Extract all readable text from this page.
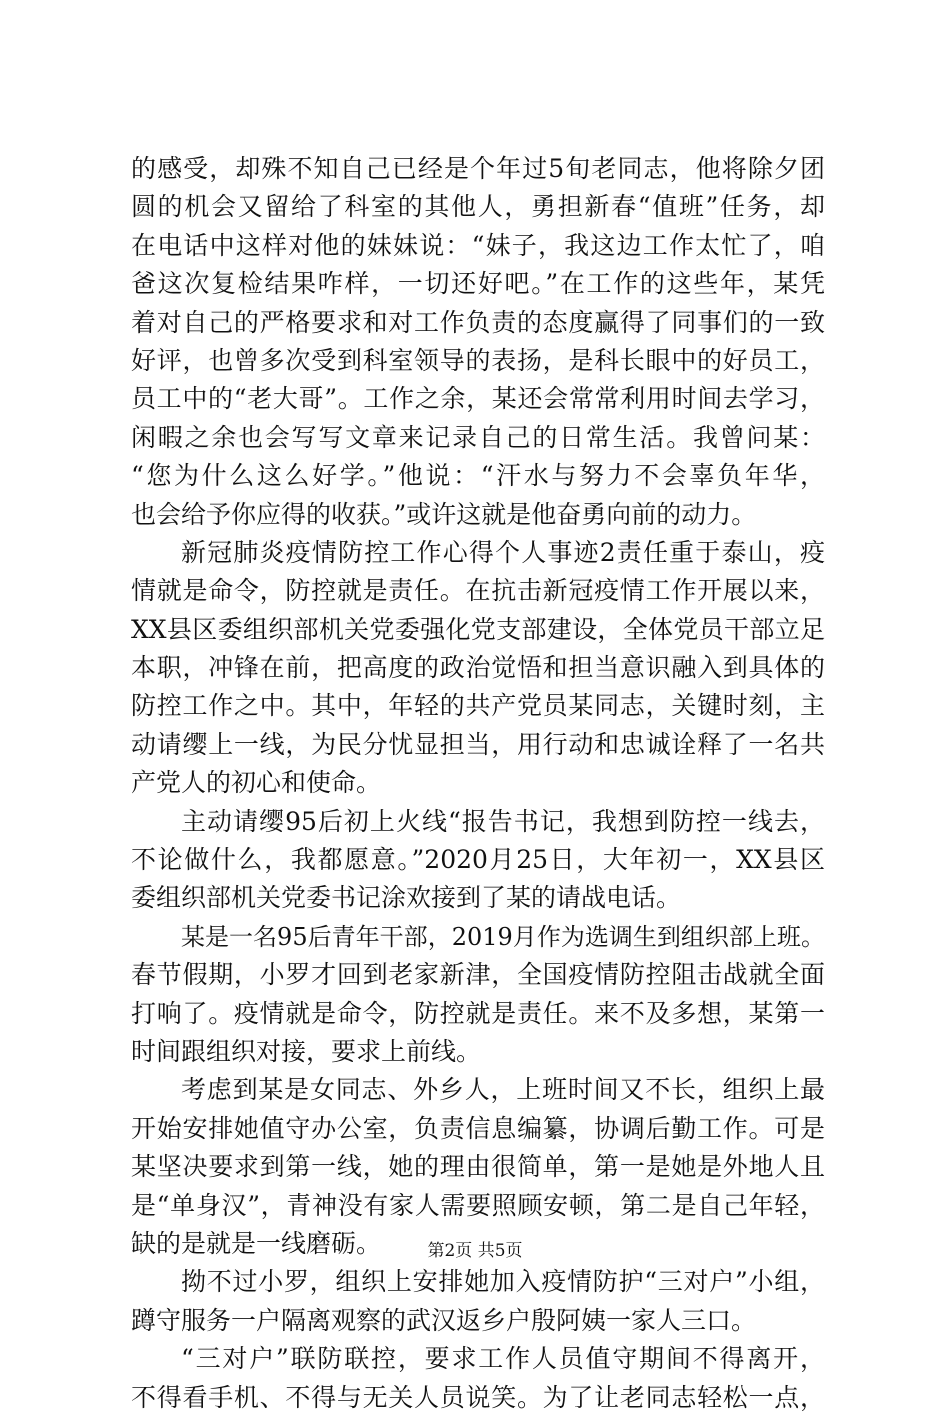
的感受，却殊不知自己已经是个年过5旬老同志，他将除夕团
圆的机会又留给了科室的其他人，勇担新春“值班”任务，却
在电话中这样对他的妹妹说：“妹子，我这边工作太忙了，咱
爸这次复检结果咋样，一切还好吧。”在工作的这些年，某凭
着对自己的严格要求和对工作负责的态度赢得了同事们的一致
好评，也曾多次受到科室领导的表扬，是科长眼中的好员工，
员工中的“老大哥”。工作之余，某还会常常利用时间去学习，
闲暇之余也会写写文章来记录自己的日常生活。我曾问某：
“您为什么这么好学。”他说：“汗水与努力不会辜负年华，
也会给予你应得的收获。”或许这就是他奋勇向前的动力。
新冠肺炎疫情防控工作心得个人事迹2责任重于泰山，疫
情就是命令，防控就是责任。在抗击新冠疫情工作开展以来，
XX县区委组织部机关党委强化党支部建设，全体党员干部立足
本职，冲锋在前，把高度的政治觉悟和担当意识融入到具体的
防控工作之中。其中，年轻的共产党员某同志，关键时刻，主
动请缨上一线，为民分忧显担当，用行动和忠诚诠释了一名共
产党人的初心和使命。
主动请缨95后初上火线“报告书记，我想到防控一线去，
不论做什么，我都愿意。”2020月25日，大年初一，XX县区
委组织部机关党委书记涂欢接到了某的请战电话。
某是一名95后青年干部，2019月作为选调生到组织部上班。
春节假期，小罗才回到老家新津，全国疫情防控阻击战就全面
打响了。疫情就是命令，防控就是责任。来不及多想，某第一
时间跟组织对接，要求上前线。
考虑到某是女同志、外乡人，上班时间又不长，组织上最
开始安排她值守办公室，负责信息编纂，协调后勤工作。可是
某坚决要求到第一线，她的理由很简单，第一是她是外地人且
是“单身汉”，青神没有家人需要照顾安顿，第二是自己年轻，
缺的是就是一线磨砺。
拗不过小罗，组织上安排她加入疫情防护“三对户”小组，
蹲守服务一户隔离观察的武汉返乡户殷阿姨一家人三口。
“三对户”联防联控，要求工作人员值守期间不得离开，
不得看手机、不得与无关人员说笑。为了让老同志轻松一点，
第2页 共5页
